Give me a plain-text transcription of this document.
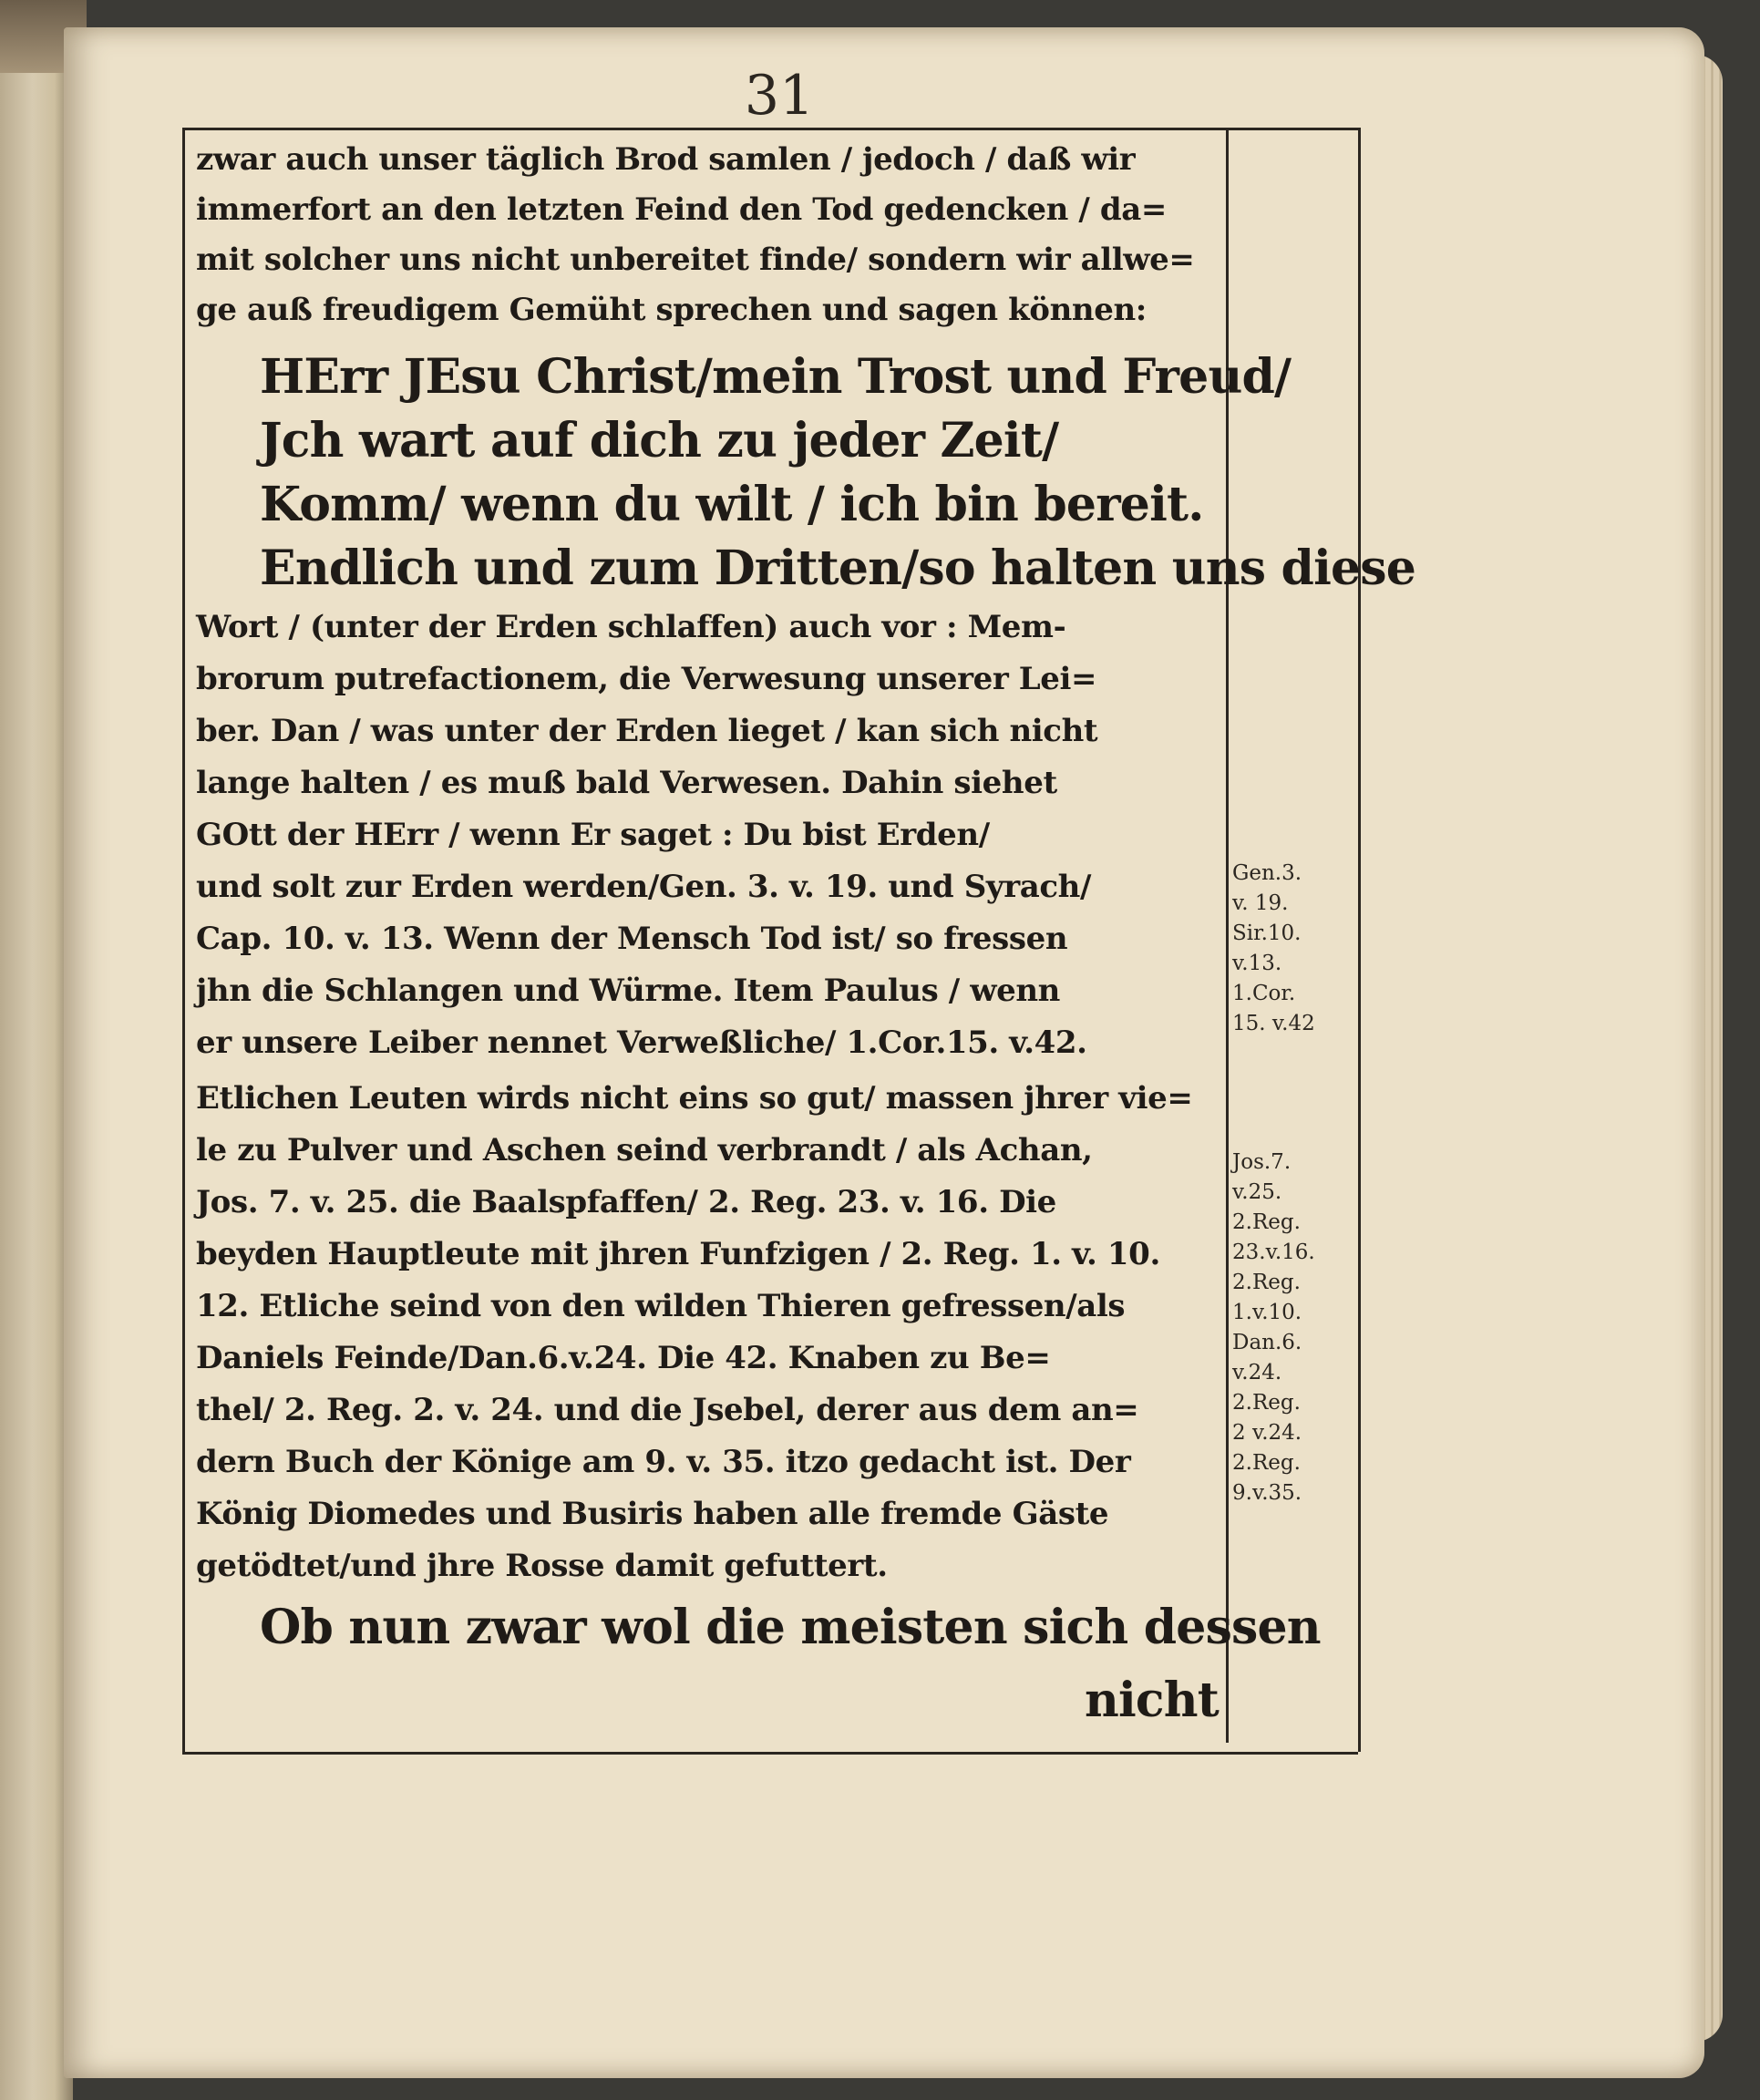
31
zwar auch unser täglich Brod samlen / jedoch / daß wir
immerfort an den letzten Feind den Tod gedencken / da=
mit solcher uns nicht unbereitet finde/ sondern wir allwe=
ge auß freudigem Gemüht sprechen und sagen können:
HErr JEsu Christ/mein Trost und Freud/
Jch wart auf dich zu jeder Zeit/
Komm/ wenn du wilt / ich bin bereit.
Endlich und zum Dritten/so halten uns diese
Wort / (unter der Erden schlaffen) auch vor : Mem-
brorum putrefactionem, die Verwesung unserer Lei=
ber. Dan / was unter der Erden lieget / kan sich nicht
lange halten / es muß bald Verwesen. Dahin siehet
GOtt der HErr / wenn Er saget : Du bist Erden/
und solt zur Erden werden/Gen. 3. v. 19. und Syrach/
Cap. 10. v. 13. Wenn der Mensch Tod ist/ so fressen
jhn die Schlangen und Würme. Item Paulus / wenn
er unsere Leiber nennet Verweßliche/ 1.Cor.15. v.42.
Etlichen Leuten wirds nicht eins so gut/ massen jhrer vie=
le zu Pulver und Aschen seind verbrandt / als Achan,
Jos. 7. v. 25. die Baalspfaffen/ 2. Reg. 23. v. 16. Die
beyden Hauptleute mit jhren Funfzigen / 2. Reg. 1. v. 10.
12. Etliche seind von den wilden Thieren gefressen/als
Daniels Feinde/Dan.6.v.24. Die 42. Knaben zu Be=
thel/ 2. Reg. 2. v. 24. und die Jsebel, derer aus dem an=
dern Buch der Könige am 9. v. 35. itzo gedacht ist. Der
König Diomedes und Busiris haben alle fremde Gäste
getödtet/und jhre Rosse damit gefuttert.
Ob nun zwar wol die meisten sich dessen
nicht
Gen.3.
v. 19.
Sir.10.
v.13.
1.Cor.
15. v.42
Jos.7.
v.25.
2.Reg.
23.v.16.
2.Reg.
1.v.10.
Dan.6.
v.24.
2.Reg.
2 v.24.
2.Reg.
9.v.35.
